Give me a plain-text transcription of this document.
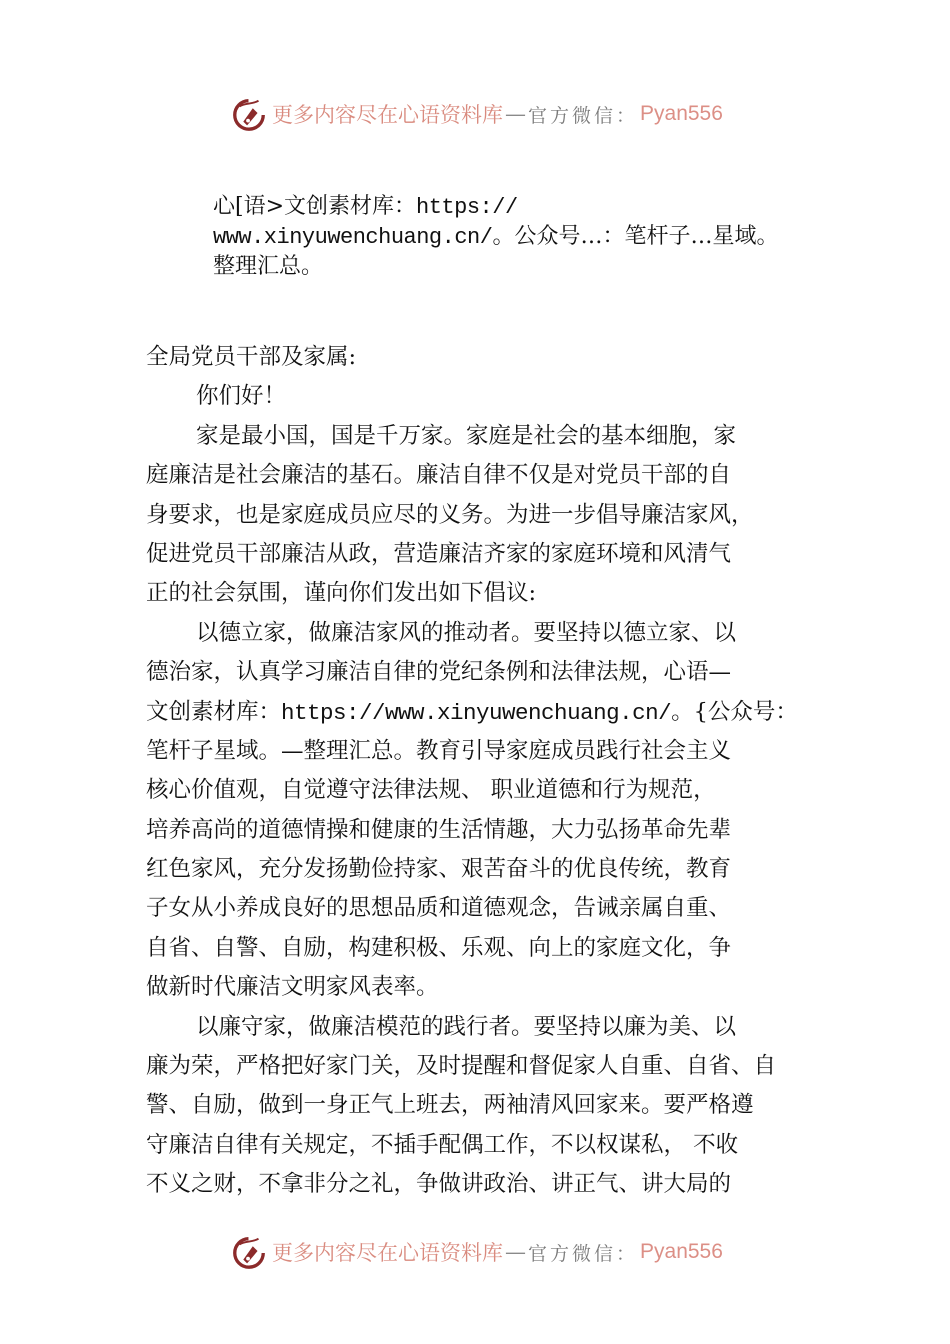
更多内容尽在心语资料库 — 官方微信： Pyan556
心[语>文创素材库：https://
www.xinyuwenchuang.cn/。公众号…：笔杆子…星域。
整理汇总。
全局党员干部及家属:
你们好！
家是最小国，国是千万家。家庭是社会的基本细胞，家
庭廉洁是社会廉洁的基石。廉洁自律不仅是对党员干部的自
身要求，也是家庭成员应尽的义务。为进一步倡导廉洁家风，
促进党员干部廉洁从政，营造廉洁齐家的家庭环境和风清气
正的社会氛围，谨向你们发出如下倡议:
以德立家，做廉洁家风的推动者。要坚持以德立家、以
德治家，认真学习廉洁自律的党纪条例和法律法规，心语—
文创素材库：https://www.xinyuwenchuang.cn/。{公众号：
笔杆子星域。—整理汇总。教育引导家庭成员践行社会主义
核心价值观，自觉遵守法律法规、 职业道德和行为规范，
培养高尚的道德情操和健康的生活情趣，大力弘扬革命先辈
红色家风，充分发扬勤俭持家、艰苦奋斗的优良传统，教育
子女从小养成良好的思想品质和道德观念，告诫亲属自重、
自省、自警、自励，构建积极、乐观、向上的家庭文化，争
做新时代廉洁文明家风表率。
以廉守家，做廉洁模范的践行者。要坚持以廉为美、以
廉为荣，严格把好家门关，及时提醒和督促家人自重、自省、自
警、自励，做到一身正气上班去，两袖清风回家来。要严格遵
守廉洁自律有关规定，不插手配偶工作，不以权谋私， 不收
不义之财，不拿非分之礼，争做讲政治、讲正气、讲大局的
更多内容尽在心语资料库 — 官方微信： Pyan556
